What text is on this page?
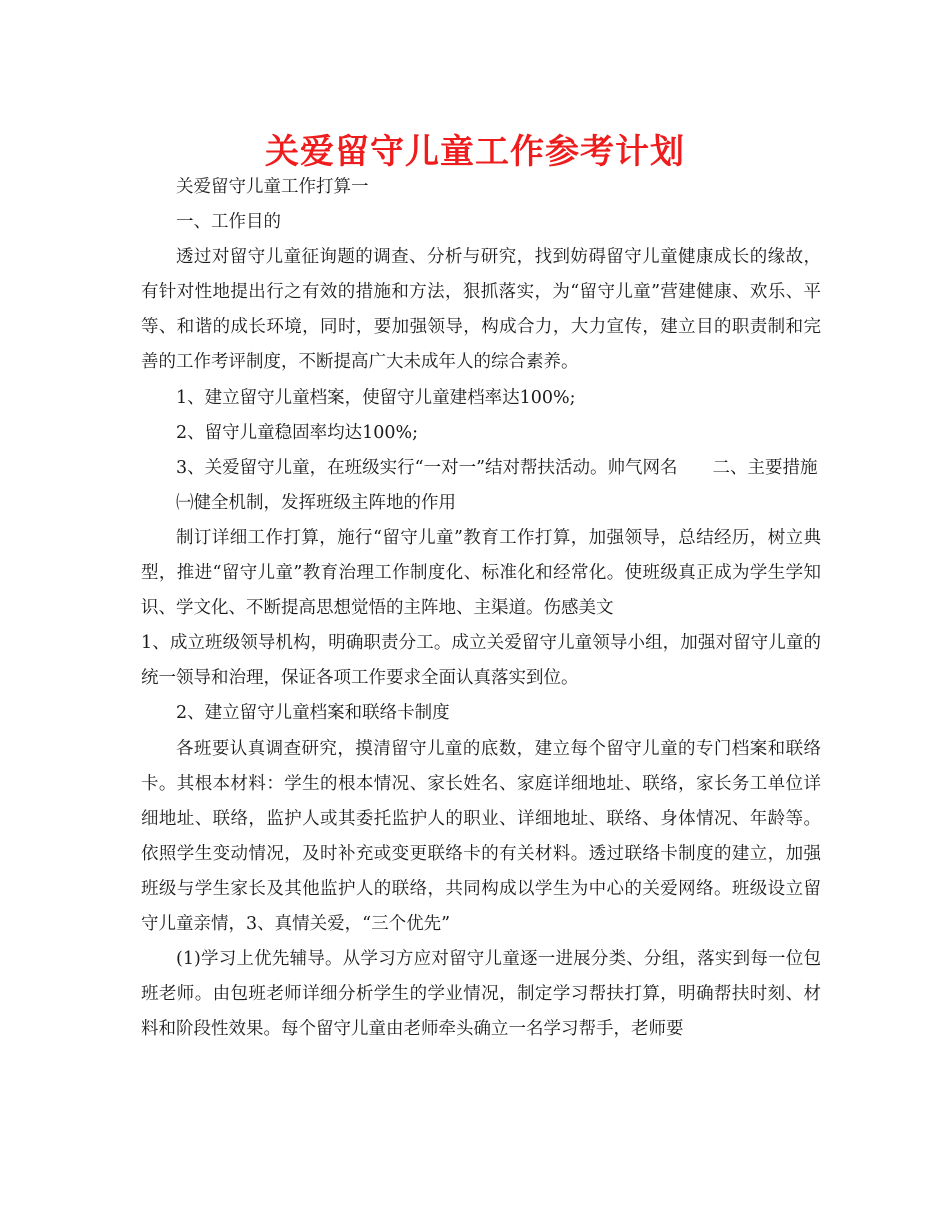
关爱留守儿童工作参考计划

关爱留守儿童工作打算一

一、工作目的

透过对留守儿童征询题的调查、分析与研究，找到妨碍留守儿童健康成长的缘故，有针对性地提出行之有效的措施和方法，狠抓落实，为“留守儿童”营建健康、欢乐、平等、和谐的成长环境，同时，要加强领导，构成合力，大力宣传，建立目的职责制和完善的工作考评制度，不断提高广大未成年人的综合素养。

1、建立留守儿童档案，使留守儿童建档率达100%;

2、留守儿童稳固率均达100%;

3、关爱留守儿童，在班级实行“一对一”结对帮扶活动。帅气网名　　二、主要措施

㈠健全机制，发挥班级主阵地的作用

制订详细工作打算，施行“留守儿童”教育工作打算，加强领导，总结经历，树立典型，推进“留守儿童”教育治理工作制度化、标准化和经常化。使班级真正成为学生学知识、学文化、不断提高思想觉悟的主阵地、主渠道。伤感美文

1、成立班级领导机构，明确职责分工。成立关爱留守儿童领导小组，加强对留守儿童的统一领导和治理，保证各项工作要求全面认真落实到位。

2、建立留守儿童档案和联络卡制度

各班要认真调查研究，摸清留守儿童的底数，建立每个留守儿童的专门档案和联络卡。其根本材料：学生的根本情况、家长姓名、家庭详细地址、联络，家长务工单位详细地址、联络，监护人或其委托监护人的职业、详细地址、联络、身体情况、年龄等。依照学生变动情况，及时补充或变更联络卡的有关材料。透过联络卡制度的建立，加强班级与学生家长及其他监护人的联络，共同构成以学生为中心的关爱网络。班级设立留守儿童亲情，3、真情关爱，“三个优先”

(1)学习上优先辅导。从学习方应对留守儿童逐一进展分类、分组，落实到每一位包班老师。由包班老师详细分析学生的学业情况，制定学习帮扶打算，明确帮扶时刻、材料和阶段性效果。每个留守儿童由老师牵头确立一名学习帮手，老师要
